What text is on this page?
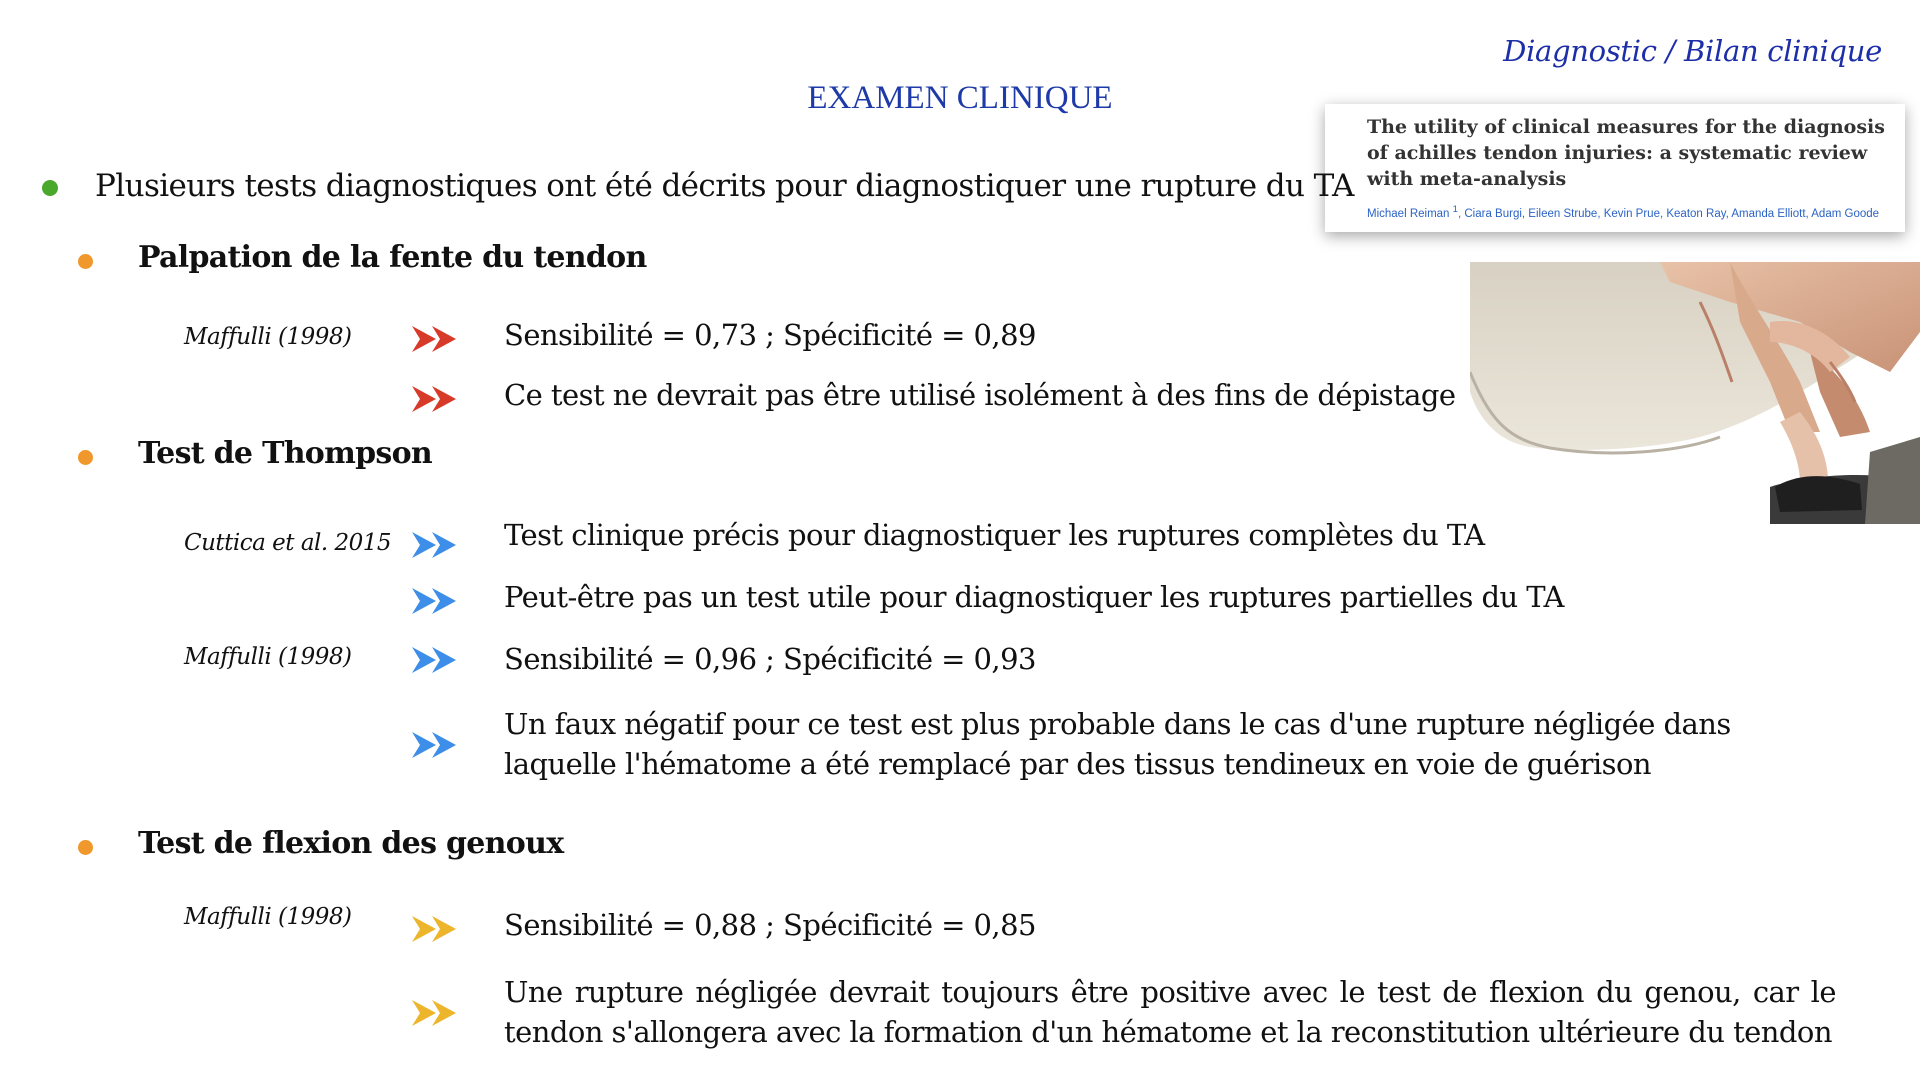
Diagnostic / Bilan clinique
EXAMEN CLINIQUE
The utility of clinical measures for the diagnosis of achilles tendon injuries: a systematic review with meta-analysis
Michael Reiman $^1$, Ciara Burgi, Eileen Strube, Kevin Prue, Keaton Ray, Amanda Elliott, Adam Goode
Plusieurs tests diagnostiques ont été décrits pour diagnostiquer une rupture du TA
Palpation de la fente du tendon
Maffulli (1998)	Sensibilité = 0,73 ; Spécificité = 0,89
Ce test ne devrait pas être utilisé isolément à des fins de dépistage
Test de Thompson
Cuttica et al. 2015	Test clinique précis pour diagnostiquer les ruptures complètes du TA
Peut-être pas un test utile pour diagnostiquer les ruptures partielles du TA
Maffulli (1998)	Sensibilité = 0,96 ; Spécificité = 0,93
Un faux négatif pour ce test est plus probable dans le cas d'une rupture négligée dans laquelle l'hématome a été remplacé par des tissus tendineux en voie de guérison
Test de flexion des genoux
Maffulli (1998)	Sensibilité = 0,88 ; Spécificité = 0,85
Une rupture négligée devrait toujours être positive avec le test de flexion du genou, car le tendon s'allongera avec la formation d'un hématome et la reconstitution ultérieure du tendon
